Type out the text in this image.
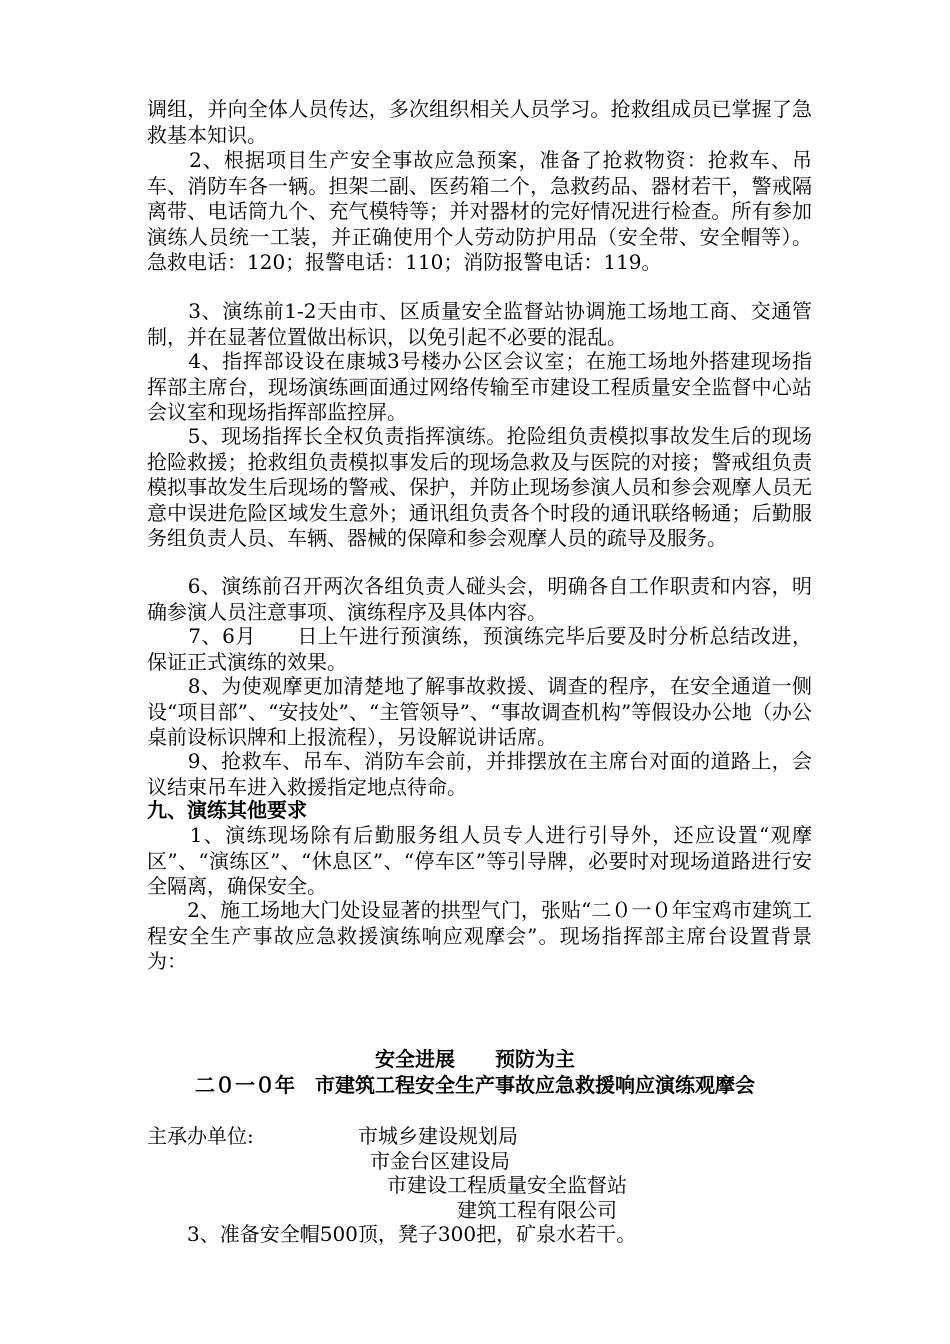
调组，并向全体人员传达，多次组织相关人员学习。抢救组成员已掌握了急救基本知识。

　　2、根据项目生产安全事故应急预案，准备了抢救物资：抢救车、吊车、消防车各一辆。担架二副、医药箱二个，急救药品、器材若干，警戒隔离带、电话筒九个、充气模特等；并对器材的完好情况进行检查。所有参加演练人员统一工装，并正确使用个人劳动防护用品（安全带、安全帽等）。急救电话：120；报警电话：110；消防报警电话：119。

　　3、演练前1-2天由市、区质量安全监督站协调施工场地工商、交通管制，并在显著位置做出标识，以免引起不必要的混乱。

　　4、指挥部设设在康城3号楼办公区会议室；在施工场地外搭建现场指挥部主席台，现场演练画面通过网络传输至市建设工程质量安全监督中心站会议室和现场指挥部监控屏。

　　5、现场指挥长全权负责指挥演练。抢险组负责模拟事故发生后的现场抢险救援；抢救组负责模拟事发后的现场急救及与医院的对接；警戒组负责模拟事故发生后现场的警戒、保护，并防止现场参演人员和参会观摩人员无意中误进危险区域发生意外；通讯组负责各个时段的通讯联络畅通；后勤服务组负责人员、车辆、器械的保障和参会观摩人员的疏导及服务。

　　6、演练前召开两次各组负责人碰头会，明确各自工作职责和内容，明确参演人员注意事项、演练程序及具体内容。

　　7、6月　　日上午进行预演练，预演练完毕后要及时分析总结改进，保证正式演练的效果。

　　8、为使观摩更加清楚地了解事故救援、调查的程序，在安全通道一侧设“项目部”、“安技处”、“主管领导”、“事故调查机构”等假设办公地（办公桌前设标识牌和上报流程），另设解说讲话席。

　　9、抢救车、吊车、消防车会前，并排摆放在主席台对面的道路上，会议结束吊车进入救援指定地点待命。

九、演练其他要求

　　1、演练现场除有后勤服务组人员专人进行引导外，还应设置“观摩区”、“演练区”、“休息区”、“停车区”等引导牌，必要时对现场道路进行安全隔离，确保安全。

　　2、施工场地大门处设显著的拱型气门，张贴“二０一０年宝鸡市建筑工程安全生产事故应急救援演练响应观摩会”。现场指挥部主席台设置背景为：

安全进展　　预防为主

二０一０年　市建筑工程安全生产事故应急救援响应演练观摩会

主承办单位:	市城乡建设规划局

市金台区建设局

市建设工程质量安全监督站

建筑工程有限公司

3、准备安全帽500顶，凳子300把，矿泉水若干。
